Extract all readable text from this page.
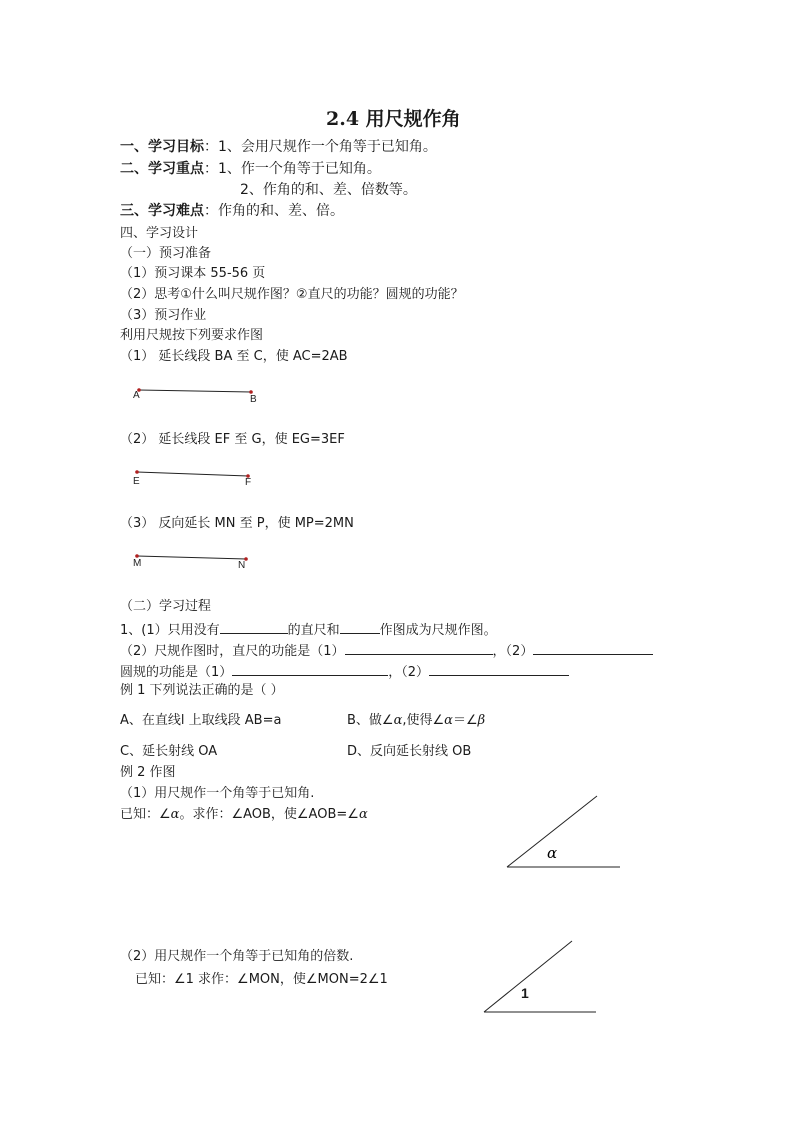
2.4 用尺规作角
一、学习目标：1、会用尺规作一个角等于已知角。
二、学习重点：1、作一个角等于已知角。
2、作角的和、差、倍数等。
三、学习难点：作角的和、差、倍。
四、学习设计
（一）预习准备
（1）预习课本 55-56 页
（2）思考①什么叫尺规作图？②直尺的功能？圆规的功能？
（3）预习作业
利用尺规按下列要求作图
（1） 延长线段 BA 至 C，使 AC=2AB
（2） 延长线段 EF 至 G，使 EG=3EF
（3） 反向延长 MN 至 P，使 MP=2MN
A	B
E	F
M	N
α
1
（二）学习过程
1、(1）只用没有	的直尺和	作图成为尺规作图。
（2）尺规作图时，直尺的功能是（1）	，（2）
圆规的功能是（1）	，（2）
例 1 下列说法正确的是（ ）
A、在直线l 上取线段 AB=a	B、做∠α,使得∠α＝∠β
C、延长射线 OA	D、反向延长射线 OB
例 2 作图
（1）用尺规作一个角等于已知角.
已知：∠α。求作：∠AOB，使∠AOB=∠α
（2）用尺规作一个角等于已知角的倍数.
已知：∠1 求作：∠MON，使∠MON=2∠1
